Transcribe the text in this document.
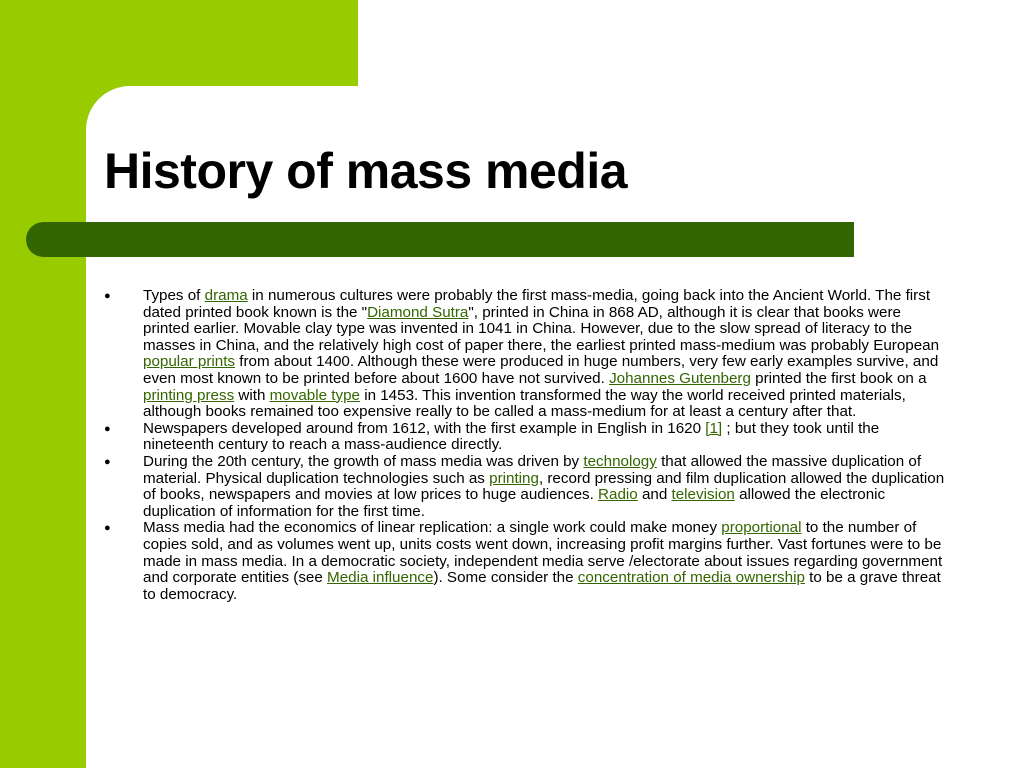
History of mass media
● Types of drama in numerous cultures were probably the first mass-media, going back into the Ancient World. The first dated printed book known is the "Diamond Sutra", printed in China in 868 AD, although it is clear that books were printed earlier. Movable clay type was invented in 1041 in China. However, due to the slow spread of literacy to the masses in China, and the relatively high cost of paper there, the earliest printed mass-medium was probably European popular prints from about 1400. Although these were produced in huge numbers, very few early examples survive, and even most known to be printed before about 1600 have not survived. Johannes Gutenberg printed the first book on a printing press with movable type in 1453. This invention transformed the way the world received printed materials, although books remained too expensive really to be called a mass-medium for at least a century after that.
● Newspapers developed around from 1612, with the first example in English in 1620 [1] ; but they took until the nineteenth century to reach a mass-audience directly.
● During the 20th century, the growth of mass media was driven by technology that allowed the massive duplication of material. Physical duplication technologies such as printing, record pressing and film duplication allowed the duplication of books, newspapers and movies at low prices to huge audiences. Radio and television allowed the electronic duplication of information for the first time.
● Mass media had the economics of linear replication: a single work could make money proportional to the number of copies sold, and as volumes went up, units costs went down, increasing profit margins further. Vast fortunes were to be made in mass media. In a democratic society, independent media serve /electorate about issues regarding government and corporate entities (see Media influence). Some consider the concentration of media ownership to be a grave threat to democracy.
